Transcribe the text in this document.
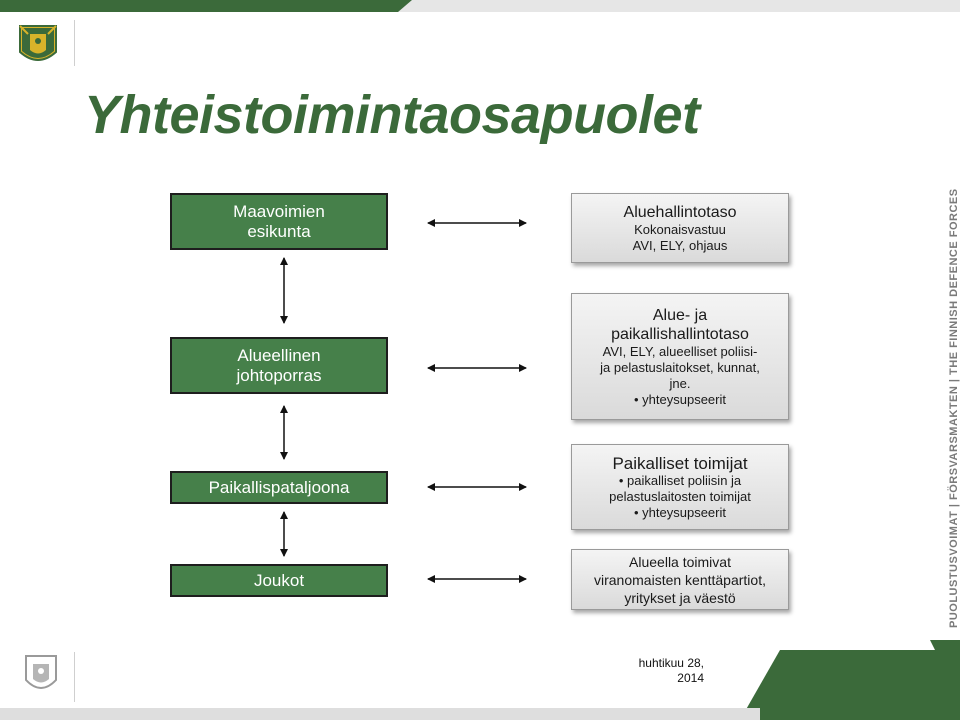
Yhteistoimintaosapuolet
Maavoimien
esikunta
Alueellinen
johtoporras
Paikallispataljoona
Joukot
Aluehallintotaso
Kokonaisvastuu
AVI, ELY, ohjaus
Alue- ja
paikallishallintotaso
AVI, ELY, alueelliset poliisi-
ja pelastuslaitokset, kunnat,
jne.
• yhteysupseerit
Paikalliset toimijat
• paikalliset poliisin ja
pelastuslaitosten toimijat
• yhteysupseerit
Alueella toimivat
viranomaisten kenttäpartiot,
yritykset ja väestö	PUOLUSTUSVOIMAT | FÖRSVARSMAKTEN | THE FINNISH DEFENCE FORCES
huhtikuu 28,
2014
